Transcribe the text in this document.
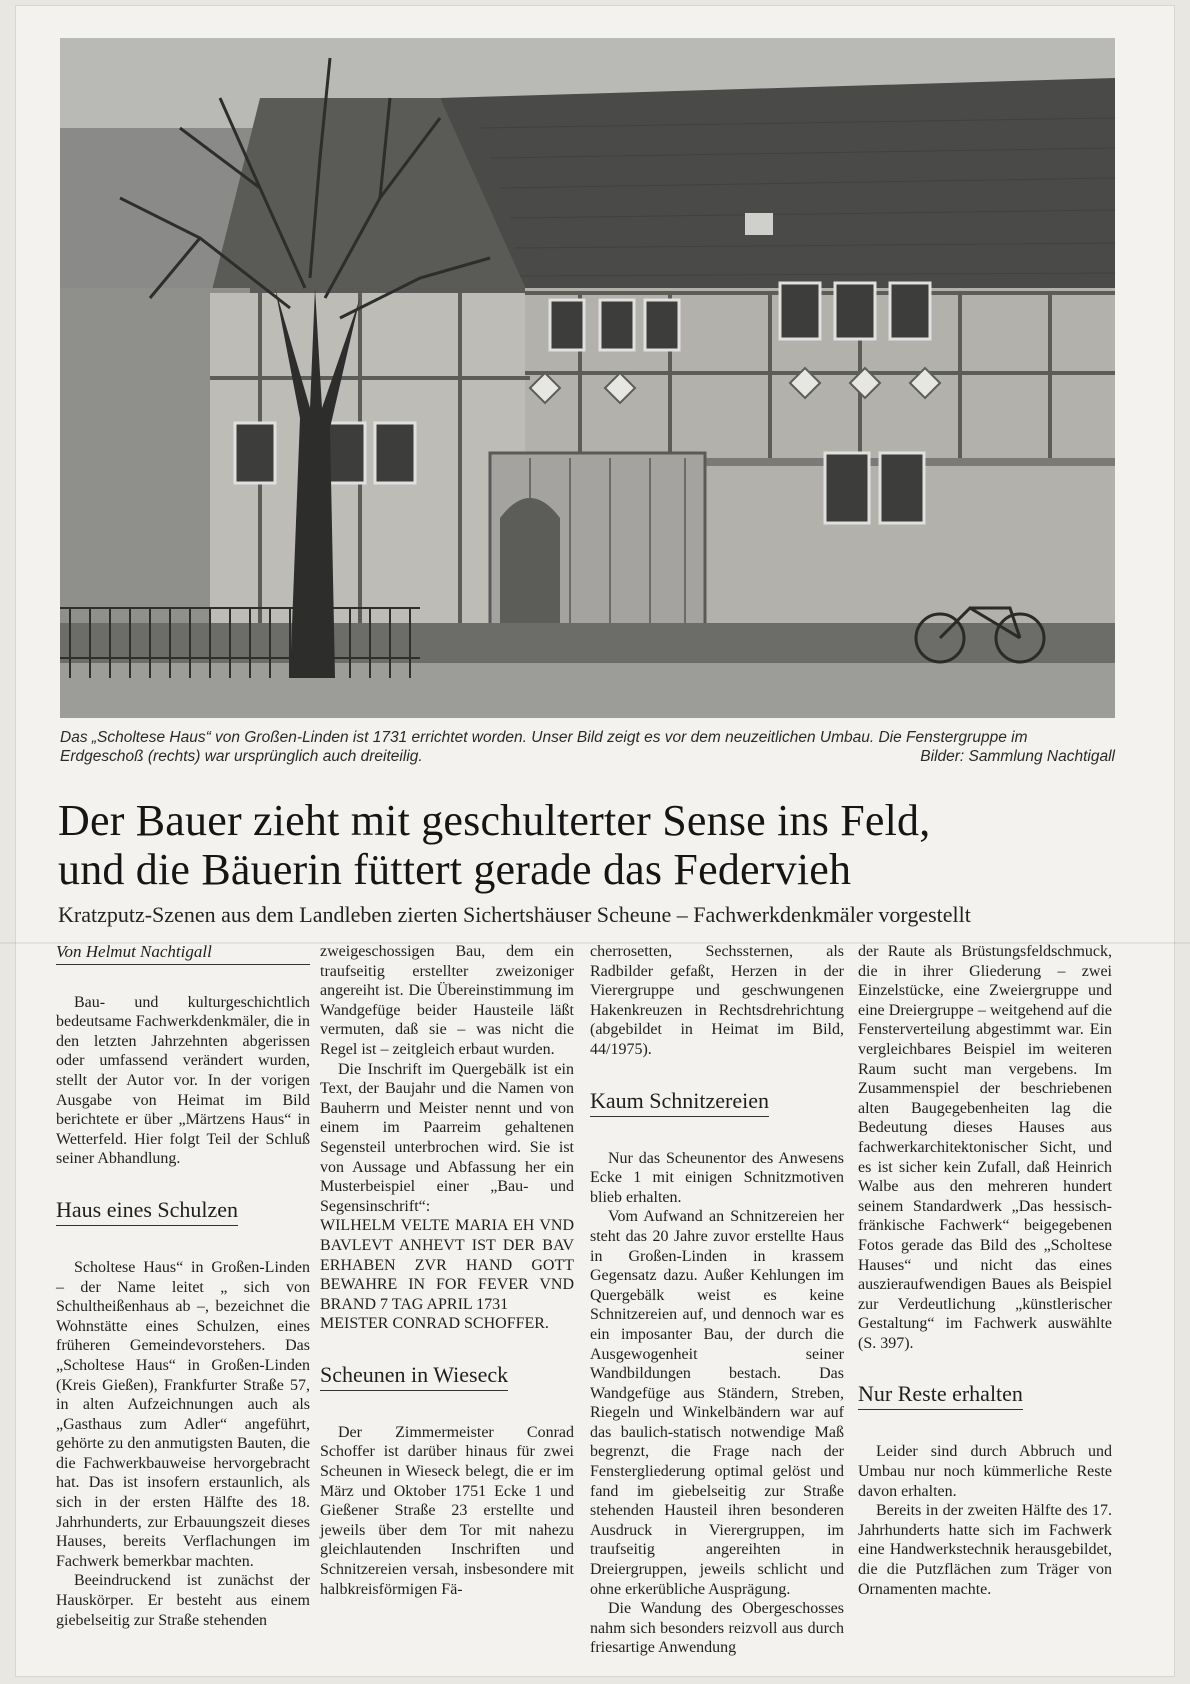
Das „Scholtese Haus“ von Großen-Linden ist 1731 errichtet worden. Unser Bild zeigt es vor dem neuzeitlichen Umbau. Die Fenstergruppe im Erdgeschoß (rechts) war ursprünglich auch dreiteilig.	Bilder: Sammlung Nachtigall
Der Bauer zieht mit geschulterter Sense ins Feld,
und die Bäuerin füttert gerade das Federvieh
Kratzputz-Szenen aus dem Landleben zierten Sichertshäuser Scheune – Fachwerkdenkmäler vorgestellt

Von Helmut Nachtigall

Bau- und kulturgeschichtlich bedeutsame Fachwerkdenkmäler, die in den letzten Jahrzehnten abgerissen oder umfassend verändert wurden, stellt der Autor vor. In der vorigen Ausgabe von Heimat im Bild berichtete er über „Märtzens Haus“ in Wetterfeld. Hier folgt Teil der Schluß seiner Abhandlung.

Haus eines Schulzen

Scholtese Haus“ in Großen-Linden – der Name leitet „ sich von Schultheißenhaus ab –, bezeichnet die Wohnstätte eines Schulzen, eines früheren Gemeindevorstehers. Das „Scholtese Haus“ in Großen-Linden (Kreis Gießen), Frankfurter Straße 57, in alten Aufzeichnungen auch als „Gasthaus zum Adler“ angeführt, gehörte zu den anmutigsten Bauten, die die Fachwerkbauweise hervorgebracht hat. Das ist insofern erstaunlich, als sich in der ersten Hälfte des 18. Jahrhunderts, zur Erbauungszeit dieses Hauses, bereits Verflachungen im Fachwerk bemerkbar machten.

Beeindruckend ist zunächst der Hauskörper. Er besteht aus einem giebelseitig zur Straße stehenden

zweigeschossigen Bau, dem ein traufseitig erstellter zweizoniger angereiht ist. Die Übereinstimmung im Wandgefüge beider Hausteile läßt vermuten, daß sie – was nicht die Regel ist – zeitgleich erbaut wurden.

Die Inschrift im Quergebälk ist ein Text, der Baujahr und die Namen von Bauherrn und Meister nennt und von einem im Paarreim gehaltenen Segensteil unterbrochen wird. Sie ist von Aussage und Abfassung her ein Musterbeispiel einer „Bau- und Segensinschrift“:

WILHELM VELTE MARIA EH VND BAVLEVT ANHEVT IST DER BAV ERHABEN ZVR HAND GOTT BEWAHRE IN FOR FEVER VND BRAND 7 TAG APRIL 1731

MEISTER CONRAD SCHOFFER.

Scheunen in Wieseck

Der Zimmermeister Conrad Schoffer ist darüber hinaus für zwei Scheunen in Wieseck belegt, die er im März und Oktober 1751 Ecke 1 und Gießener Straße 23 erstellte und jeweils über dem Tor mit nahezu gleichlautenden Inschriften und Schnitzereien versah, insbesondere mit halbkreisförmigen Fä-

cherrosetten, Sechssternen, als Radbilder gefaßt, Herzen in der Vierergruppe und geschwungenen Hakenkreuzen in Rechtsdrehrichtung (abgebildet in Heimat im Bild, 44/1975).

Kaum Schnitzereien

Nur das Scheunentor des Anwesens Ecke 1 mit einigen Schnitzmotiven blieb erhalten.

Vom Aufwand an Schnitzereien her steht das 20 Jahre zuvor erstellte Haus in Großen-Linden in krassem Gegensatz dazu. Außer Kehlungen im Quergebälk weist es keine Schnitzereien auf, und dennoch war es ein imposanter Bau, der durch die Ausgewogenheit seiner Wandbildungen bestach. Das Wandgefüge aus Ständern, Streben, Riegeln und Winkelbändern war auf das baulich-statisch notwendige Maß begrenzt, die Frage nach der Fenstergliederung optimal gelöst und fand im giebelseitig zur Straße stehenden Hausteil ihren besonderen Ausdruck in Vierergruppen, im traufseitig angereihten in Dreiergruppen, jeweils schlicht und ohne erkerübliche Ausprägung.

Die Wandung des Obergeschosses nahm sich besonders reizvoll aus durch friesartige Anwendung

der Raute als Brüstungsfeldschmuck, die in ihrer Gliederung – zwei Einzelstücke, eine Zweiergruppe und eine Dreiergruppe – weitgehend auf die Fensterverteilung abgestimmt war. Ein vergleichbares Beispiel im weiteren Raum sucht man vergebens. Im Zusammenspiel der beschriebenen alten Baugegebenheiten lag die Bedeutung dieses Hauses aus fachwerkarchitektonischer Sicht, und es ist sicher kein Zufall, daß Heinrich Walbe aus den mehreren hundert seinem Standardwerk „Das hessisch-fränkische Fachwerk“ beigegebenen Fotos gerade das Bild des „Scholtese Hauses“ und nicht das eines auszieraufwendigen Baues als Beispiel zur Verdeutlichung „künstlerischer Gestaltung“ im Fachwerk auswählte (S. 397).

Nur Reste erhalten

Leider sind durch Abbruch und Umbau nur noch kümmerliche Reste davon erhalten.

Bereits in der zweiten Hälfte des 17. Jahrhunderts hatte sich im Fachwerk eine Handwerkstechnik herausgebildet, die die Putzflächen zum Träger von Ornamenten machte.
